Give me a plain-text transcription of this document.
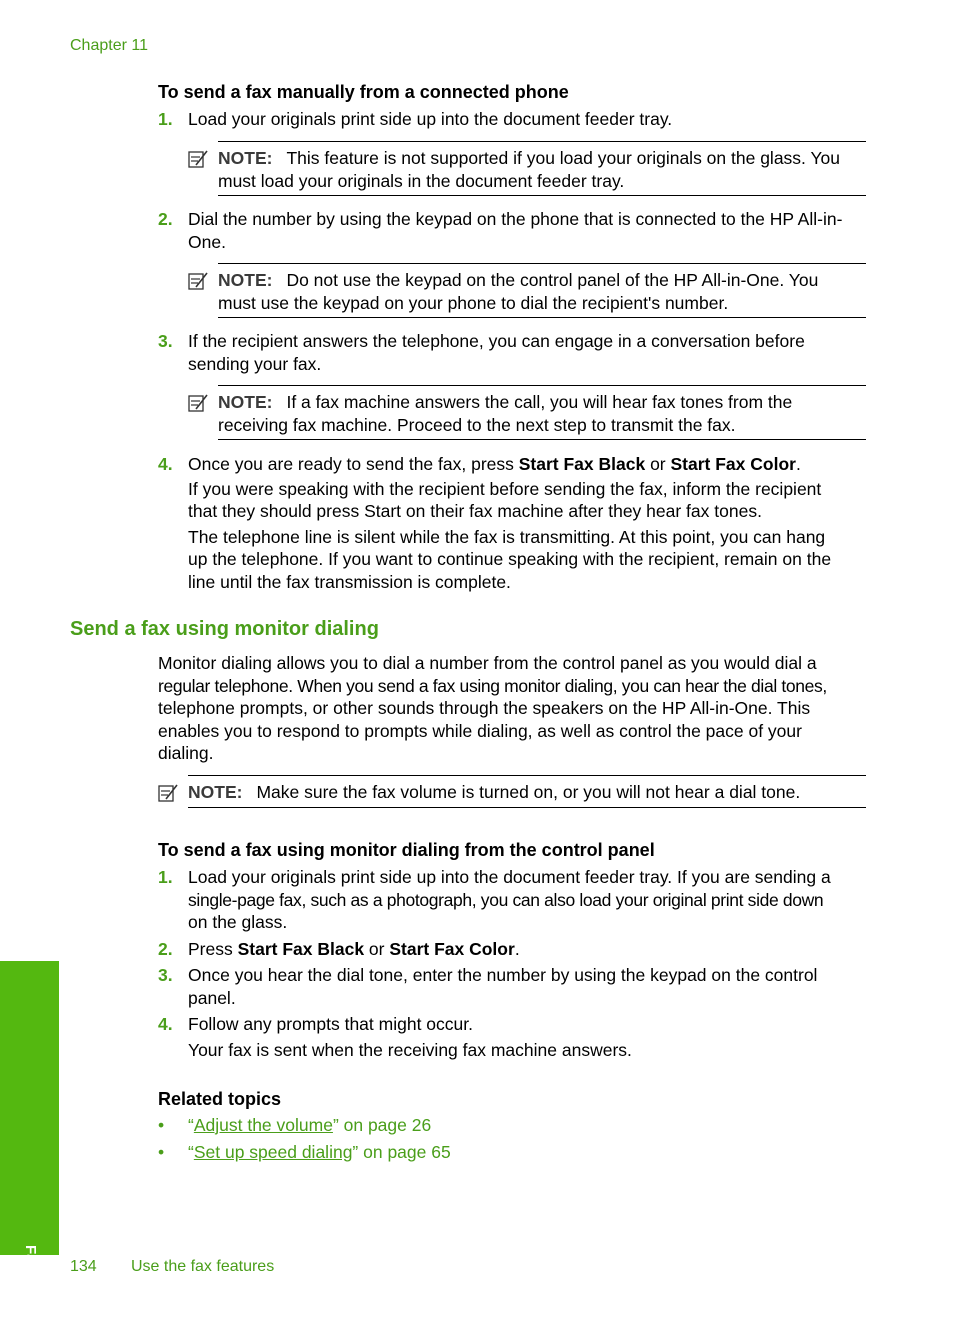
Chapter 11
To send a fax manually from a connected phone
1. Load your originals print side up into the document feeder tray.
NOTE: This feature is not supported if you load your originals on the glass. You
must load your originals in the document feeder tray.
2. Dial the number by using the keypad on the phone that is connected to the HP All-in-
One.
NOTE: Do not use the keypad on the control panel of the HP All-in-One. You
must use the keypad on your phone to dial the recipient's number.
3. If the recipient answers the telephone, you can engage in a conversation before
sending your fax.
NOTE: If a fax machine answers the call, you will hear fax tones from the
receiving fax machine. Proceed to the next step to transmit the fax.
4. Once you are ready to send the fax, press Start Fax Black or Start Fax Color.
If you were speaking with the recipient before sending the fax, inform the recipient
that they should press Start on their fax machine after they hear fax tones.
The telephone line is silent while the fax is transmitting. At this point, you can hang
up the telephone. If you want to continue speaking with the recipient, remain on the
line until the fax transmission is complete.
Send a fax using monitor dialing
Monitor dialing allows you to dial a number from the control panel as you would dial a
regular telephone. When you send a fax using monitor dialing, you can hear the dial tones,
telephone prompts, or other sounds through the speakers on the HP All-in-One. This
enables you to respond to prompts while dialing, as well as control the pace of your
dialing.
NOTE: Make sure the fax volume is turned on, or you will not hear a dial tone.
To send a fax using monitor dialing from the control panel
1. Load your originals print side up into the document feeder tray. If you are sending a
single-page fax, such as a photograph, you can also load your original print side down
on the glass.
2. Press Start Fax Black or Start Fax Color.
3. Once you hear the dial tone, enter the number by using the keypad on the control
panel.
4. Follow any prompts that might occur.
Your fax is sent when the receiving fax machine answers.
Related topics
• “Adjust the volume” on page 26
• “Set up speed dialing” on page 65
Fax 134 Use the fax features
